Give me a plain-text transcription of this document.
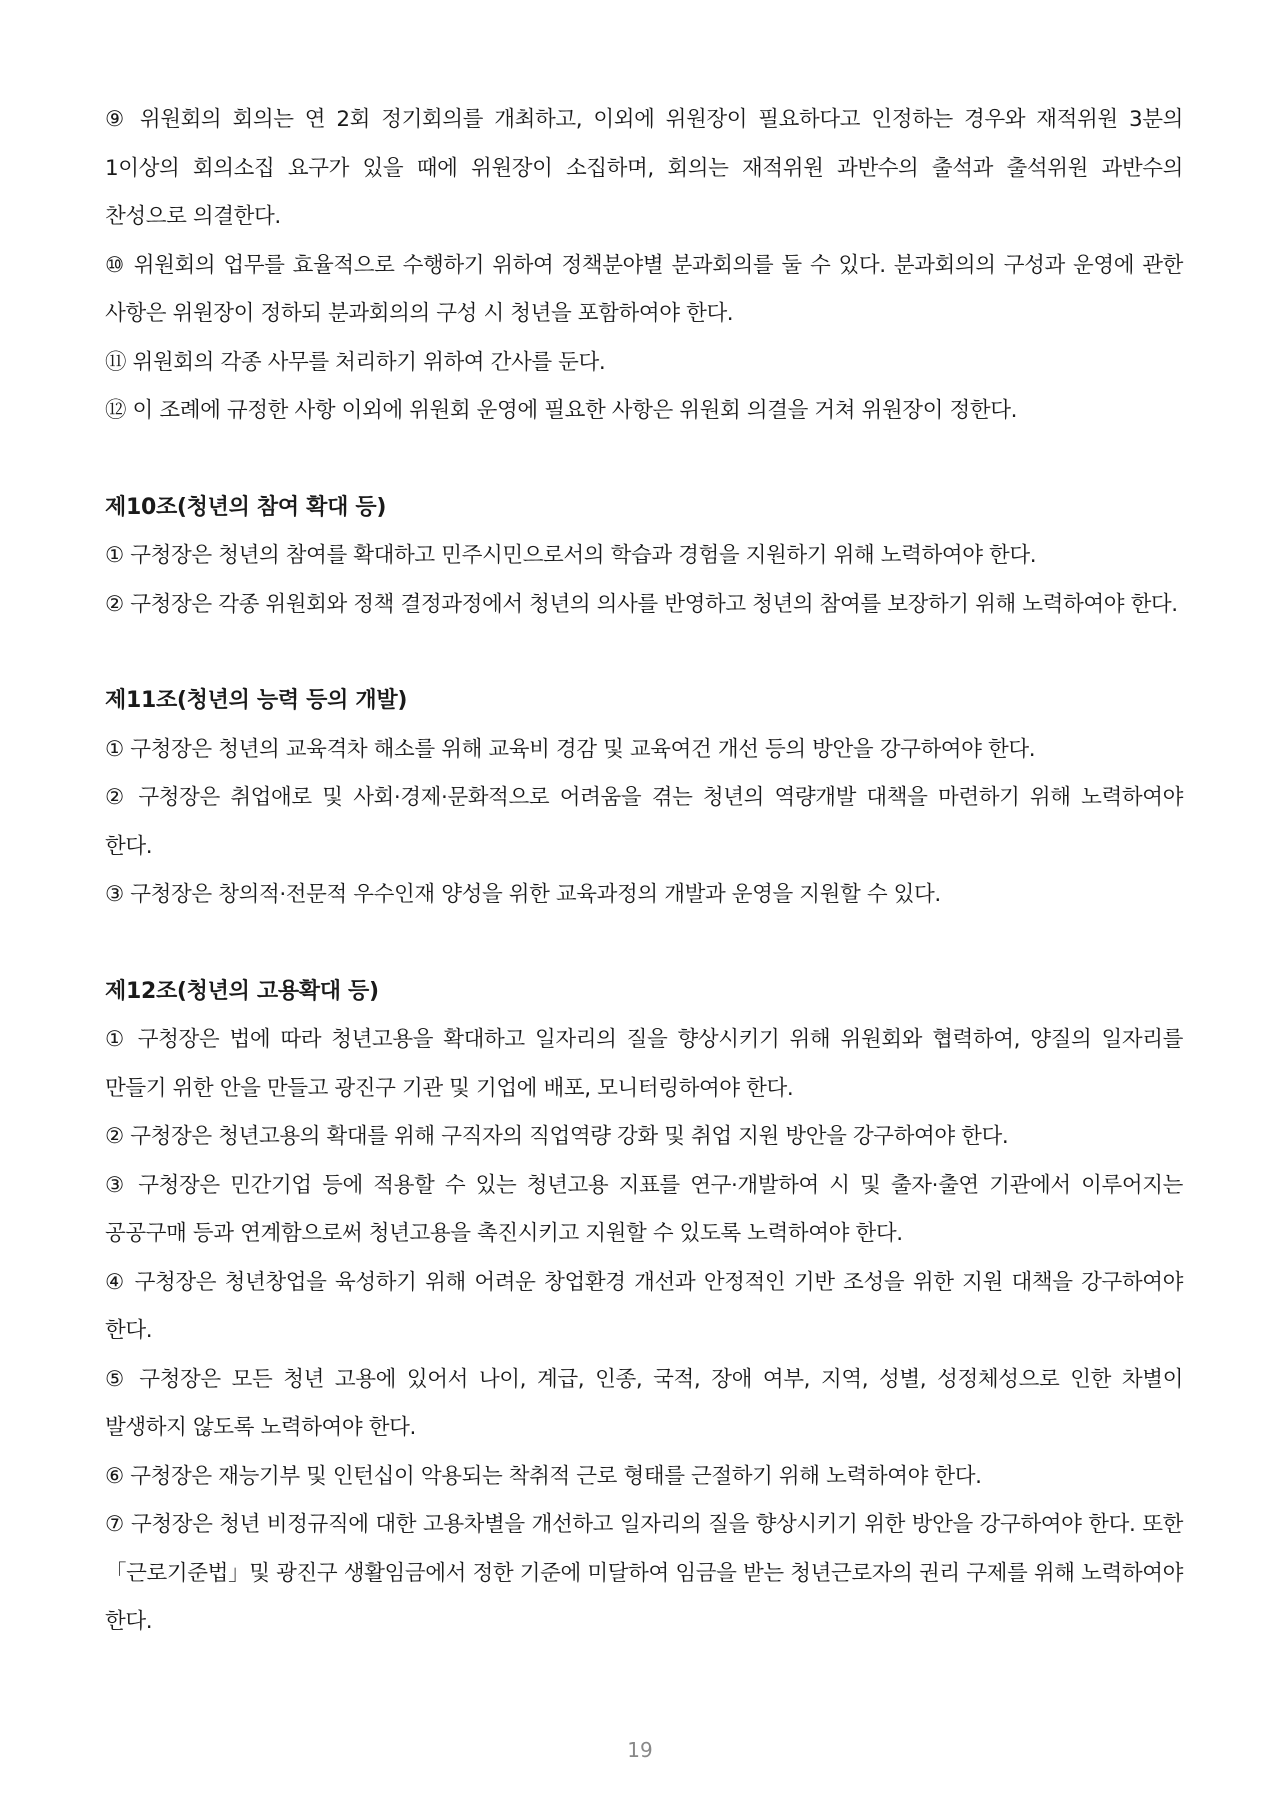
⑨ 위원회의 회의는 연 2회 정기회의를 개최하고, 이외에 위원장이 필요하다고 인정하는 경우와 재적위원 3분의 1이상의 회의소집 요구가 있을 때에 위원장이 소집하며, 회의는 재적위원 과반수의 출석과 출석위원 과반수의 찬성으로 의결한다.

⑩ 위원회의 업무를 효율적으로 수행하기 위하여 정책분야별 분과회의를 둘 수 있다. 분과회의의 구성과 운영에 관한 사항은 위원장이 정하되 분과회의의 구성 시 청년을 포함하여야 한다.

⑪ 위원회의 각종 사무를 처리하기 위하여 간사를 둔다.

⑫ 이 조례에 규정한 사항 이외에 위원회 운영에 필요한 사항은 위원회 의결을 거쳐 위원장이 정한다.

제10조(청년의 참여 확대 등)

① 구청장은 청년의 참여를 확대하고 민주시민으로서의 학습과 경험을 지원하기 위해 노력하여야 한다.

② 구청장은 각종 위원회와 정책 결정과정에서 청년의 의사를 반영하고 청년의 참여를 보장하기 위해 노력하여야 한다.

제11조(청년의 능력 등의 개발)

① 구청장은 청년의 교육격차 해소를 위해 교육비 경감 및 교육여건 개선 등의 방안을 강구하여야 한다.

② 구청장은 취업애로 및 사회·경제·문화적으로 어려움을 겪는 청년의 역량개발 대책을 마련하기 위해 노력하여야 한다.

③ 구청장은 창의적·전문적 우수인재 양성을 위한 교육과정의 개발과 운영을 지원할 수 있다.

제12조(청년의 고용확대 등)

① 구청장은 법에 따라 청년고용을 확대하고 일자리의 질을 향상시키기 위해 위원회와 협력하여, 양질의 일자리를 만들기 위한 안을 만들고 광진구 기관 및 기업에 배포, 모니터링하여야 한다.

② 구청장은 청년고용의 확대를 위해 구직자의 직업역량 강화 및 취업 지원 방안을 강구하여야 한다.

③ 구청장은 민간기업 등에 적용할 수 있는 청년고용 지표를 연구·개발하여 시 및 출자·출연 기관에서 이루어지는 공공구매 등과 연계함으로써 청년고용을 촉진시키고 지원할 수 있도록 노력하여야 한다.

④ 구청장은 청년창업을 육성하기 위해 어려운 창업환경 개선과 안정적인 기반 조성을 위한 지원 대책을 강구하여야 한다.

⑤ 구청장은 모든 청년 고용에 있어서 나이, 계급, 인종, 국적, 장애 여부, 지역, 성별, 성정체성으로 인한 차별이 발생하지 않도록 노력하여야 한다.

⑥ 구청장은 재능기부 및 인턴십이 악용되는 착취적 근로 형태를 근절하기 위해 노력하여야 한다.

⑦ 구청장은 청년 비정규직에 대한 고용차별을 개선하고 일자리의 질을 향상시키기 위한 방안을 강구하여야 한다. 또한「근로기준법」및 광진구 생활임금에서 정한 기준에 미달하여 임금을 받는 청년근로자의 권리 구제를 위해 노력하여야 한다.

19
